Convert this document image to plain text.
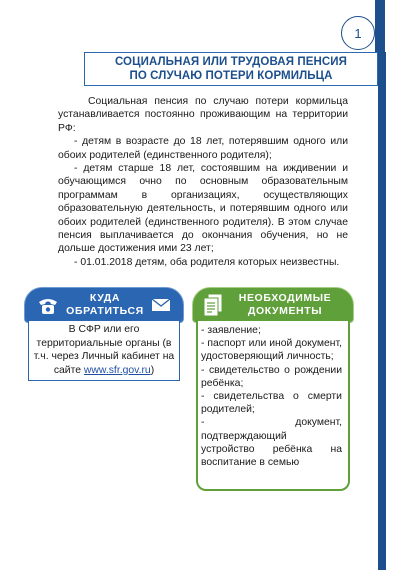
1
СОЦИАЛЬНАЯ ИЛИ ТРУДОВАЯ ПЕНСИЯ
ПО СЛУЧАЮ ПОТЕРИ КОРМИЛЬЦА

Социальная пенсия по случаю потери кормильца устанавливается постоянно проживающим на территории РФ:

- детям в возрасте до 18 лет, потерявшим одного или обоих родителей (единственного родителя);

- детям старше 18 лет, состоявшим на иждивении и обучающимся очно по основным образовательным программам в организациях, осуществляющих образовательную деятельность, и потерявшим одного или обоих родителей (единственного родителя). В этом случае пенсия выплачивается до окончания обучения, но не дольше достижения ими 23 лет;

- 01.01.2018 детям, оба родителя которых неизвестны.

КУДА
ОБРАТИТЬСЯ
В СФР или его территориальные органы (в т.ч. через Личный кабинет на сайте www.sfr.gov.ru)
НЕОБХОДИМЫЕ
ДОКУМЕНТЫ

- заявление;

- паспорт или иной документ, удостоверяющий личность;

- свидетельство о рождении ребёнка;

- свидетельства о смерти родителей;

- документ, подтверждающий устройство ребёнка на воспитание в семью
